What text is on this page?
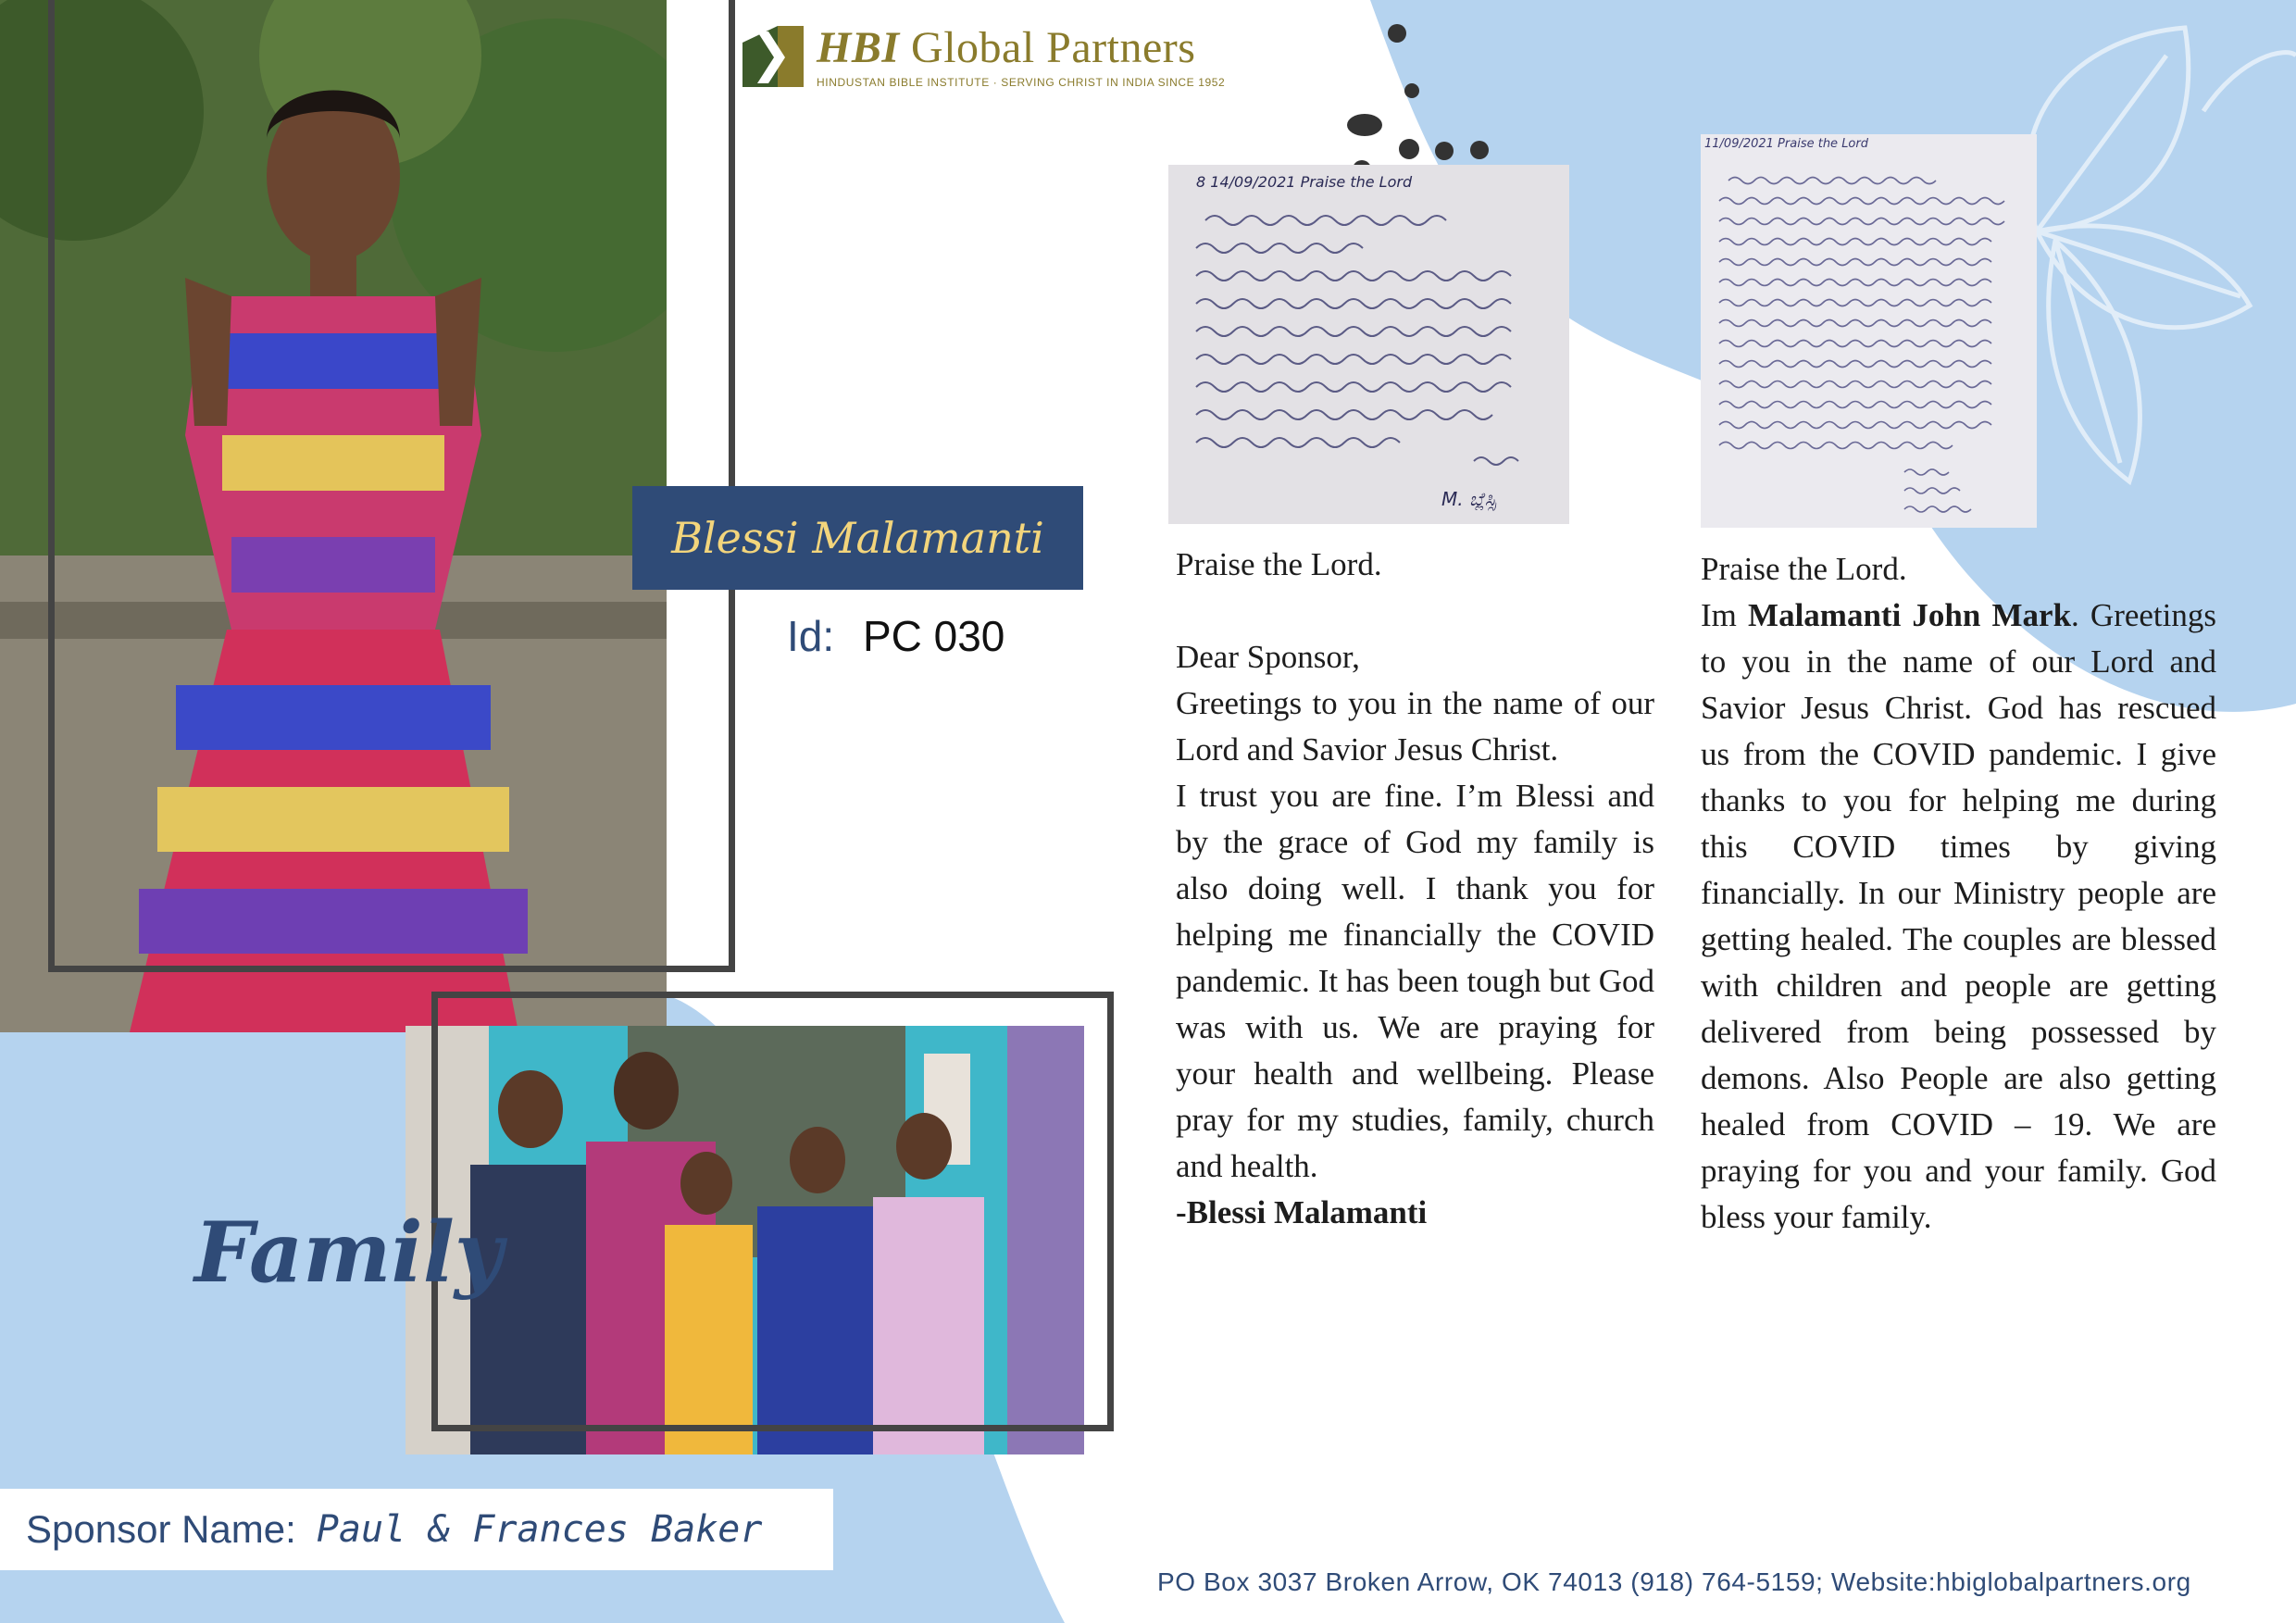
HBI Global Partners
HINDUSTAN BIBLE INSTITUTE · SERVING CHRIST IN INDIA SINCE 1952
Blessi Malamanti
Id: PC 030
8 14/09/2021 Praise the Lord
M. ಬ್ಲೆಸ್ಸಿ
11/09/2021 Praise the Lord

Praise the Lord.

Dear Sponsor,

Greetings to you in the name of our Lord and Savior Jesus Christ.

I trust you are fine. I’m Blessi and by the grace of God my family is also doing well. I thank you for helping me financially the COVID pandemic. It has been tough but God was with us. We are praying for your health and wellbeing. Please pray for my studies, family, church and health.

-Blessi Malamanti

Praise the Lord.

Im Malamanti John Mark. Greetings to you in the name of our Lord and Savior Jesus Christ. God has rescued us from the COVID pandemic. I give thanks to you for helping me during this COVID times by giving financially. In our Ministry people are getting healed. The couples are blessed with children and people are getting delivered from being possessed by demons. Also People are also getting healed from COVID – 19. We are praying for you and your family. God bless your family.

Family
Sponsor Name: Paul & Frances Baker
PO Box 3037 Broken Arrow, OK 74013 (918) 764-5159; Website:hbiglobalpartners.org
